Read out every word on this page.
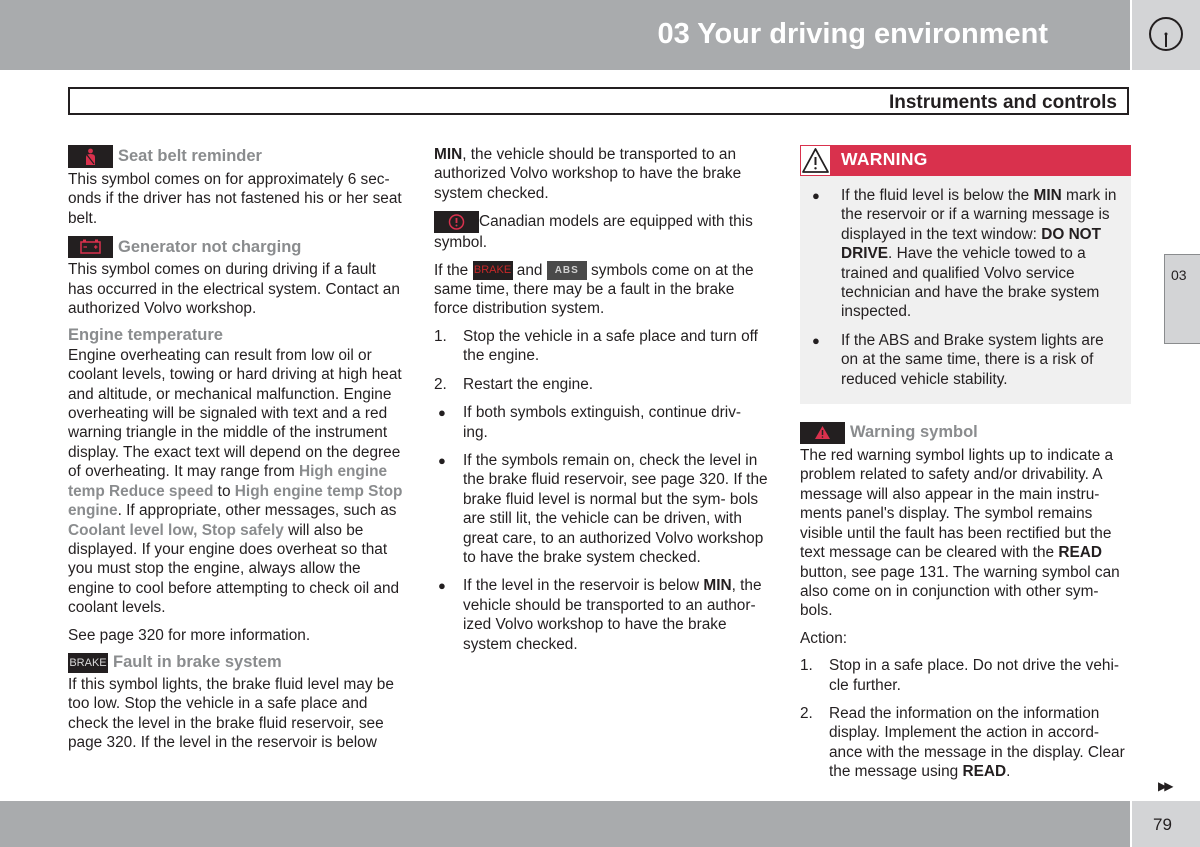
03 Your driving environment
Instruments and controls
03
Seat belt reminder

This symbol comes on for approximately 6 sec- onds if the driver has not fastened his or her seat belt.

Generator not charging

This symbol comes on during driving if a fault has occurred in the electrical system. Contact an authorized Volvo workshop.

Engine temperature

Engine overheating can result from low oil or coolant levels, towing or hard driving at high heat and altitude, or mechanical malfunction. Engine overheating will be signaled with text and a red warning triangle in the middle of the instrument display. The exact text will depend on the degree of overheating. It may range from High engine temp Reduce speed to High engine temp Stop engine. If appropriate, other messages, such as Coolant level low, Stop safely will also be displayed. If your engine does overheat so that you must stop the engine, always allow the engine to cool before attempting to check oil and coolant levels.

See page 320 for more information.

BRAKE Fault in brake system

If this symbol lights, the brake fluid level may be too low. Stop the vehicle in a safe place and check the level in the brake fluid reservoir, see page 320. If the level in the reservoir is below

MIN, the vehicle should be transported to an authorized Volvo workshop to have the brake system checked.

Canadian models are equipped with this symbol.

If the BRAKE and ABS symbols come on at the same time, there may be a fault in the brake force distribution system.

1. Stop the vehicle in a safe place and turn off the engine.
2. Restart the engine.
● If both symbols extinguish, continue driv- ing.
● If the symbols remain on, check the level in the brake fluid reservoir, see page 320. If the brake fluid level is normal but the sym- bols are still lit, the vehicle can be driven, with great care, to an authorized Volvo workshop to have the brake system checked.
● If the level in the reservoir is below MIN, the vehicle should be transported to an author- ized Volvo workshop to have the brake system checked.
WARNING
● If the fluid level is below the MIN mark in the reservoir or if a warning message is displayed in the text window: DO NOT DRIVE. Have the vehicle towed to a trained and qualified Volvo service technician and have the brake system inspected.
● If the ABS and Brake system lights are on at the same time, there is a risk of reduced vehicle stability.
Warning symbol

The red warning symbol lights up to indicate a problem related to safety and/or drivability. A message will also appear in the main instru- ments panel's display. The symbol remains visible until the fault has been rectified but the text message can be cleared with the READ button, see page 131. The warning symbol can also come on in conjunction with other sym- bols.

Action:

1. Stop in a safe place. Do not drive the vehi- cle further.
2. Read the information on the information display. Implement the action in accord- ance with the message in the display. Clear the message using READ.
▶▶
79
